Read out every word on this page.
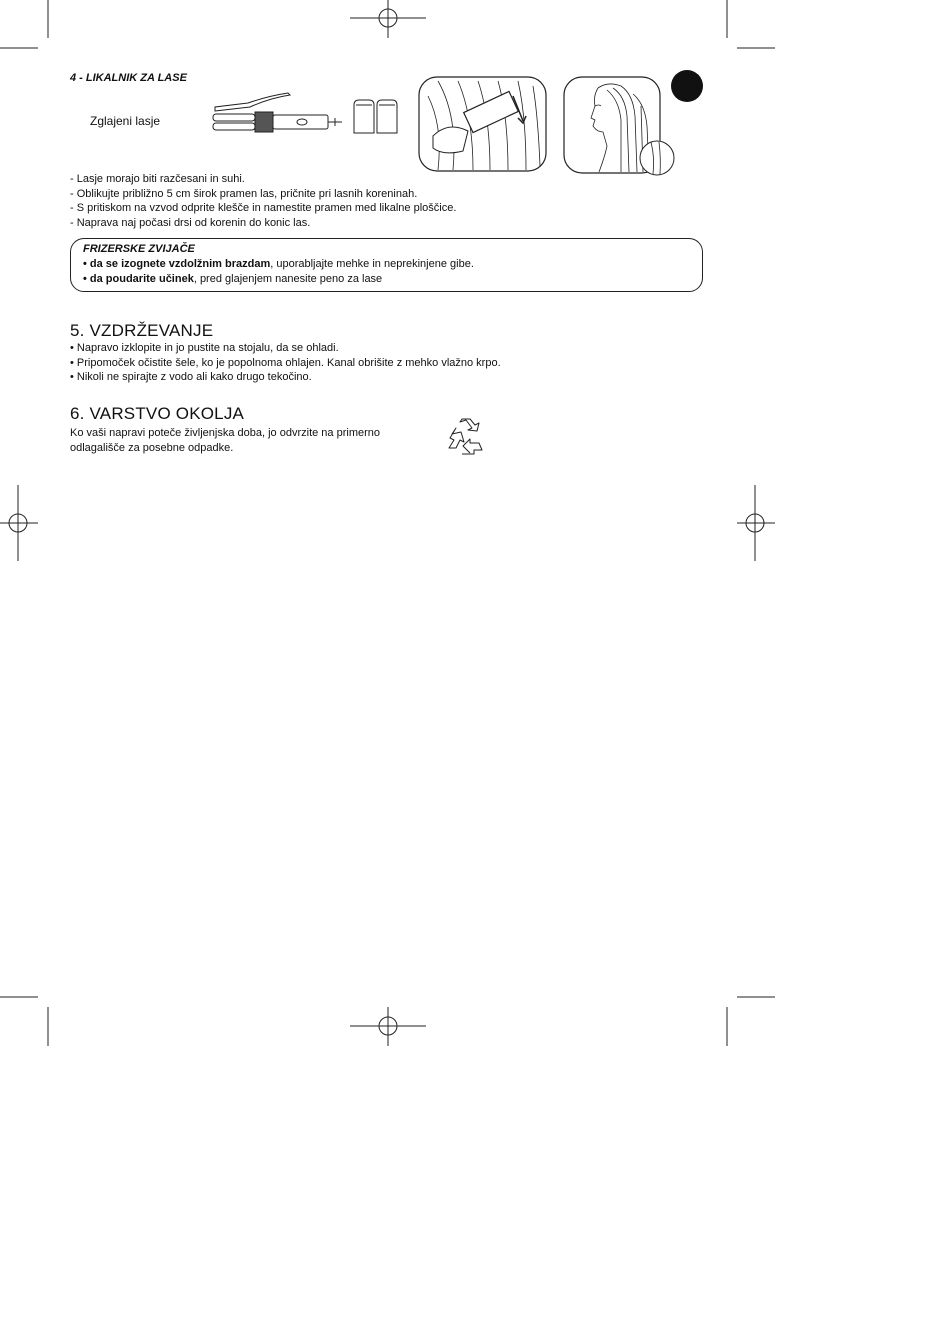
4 - LIKALNIK ZA LASE
Zglajeni lasje
- Lasje morajo biti razčesani in suhi.
- Oblikujte približno 5 cm širok pramen las, pričnite pri lasnih koreninah.
- S pritiskom na vzvod odprite klešče in namestite pramen med likalne ploščice.
- Naprava naj počasi drsi od korenin do konic las.
FRIZERSKE ZVIJAČE
• da se izognete vzdolžnim brazdam, uporabljajte mehke in neprekinjene gibe.
• da poudarite učinek, pred glajenjem nanesite peno za lase
5. VZDRŽEVANJE
• Napravo izklopite in jo pustite na stojalu, da se ohladi.
• Pripomoček očistite šele, ko je popolnoma ohlajen. Kanal obrišite z mehko vlažno krpo.
• Nikoli ne spirajte z vodo ali kako drugo tekočino.
6. VARSTVO OKOLJA
Ko vaši napravi poteče življenjska doba, jo odvrzite na primerno
odlagališče za posebne odpadke.
